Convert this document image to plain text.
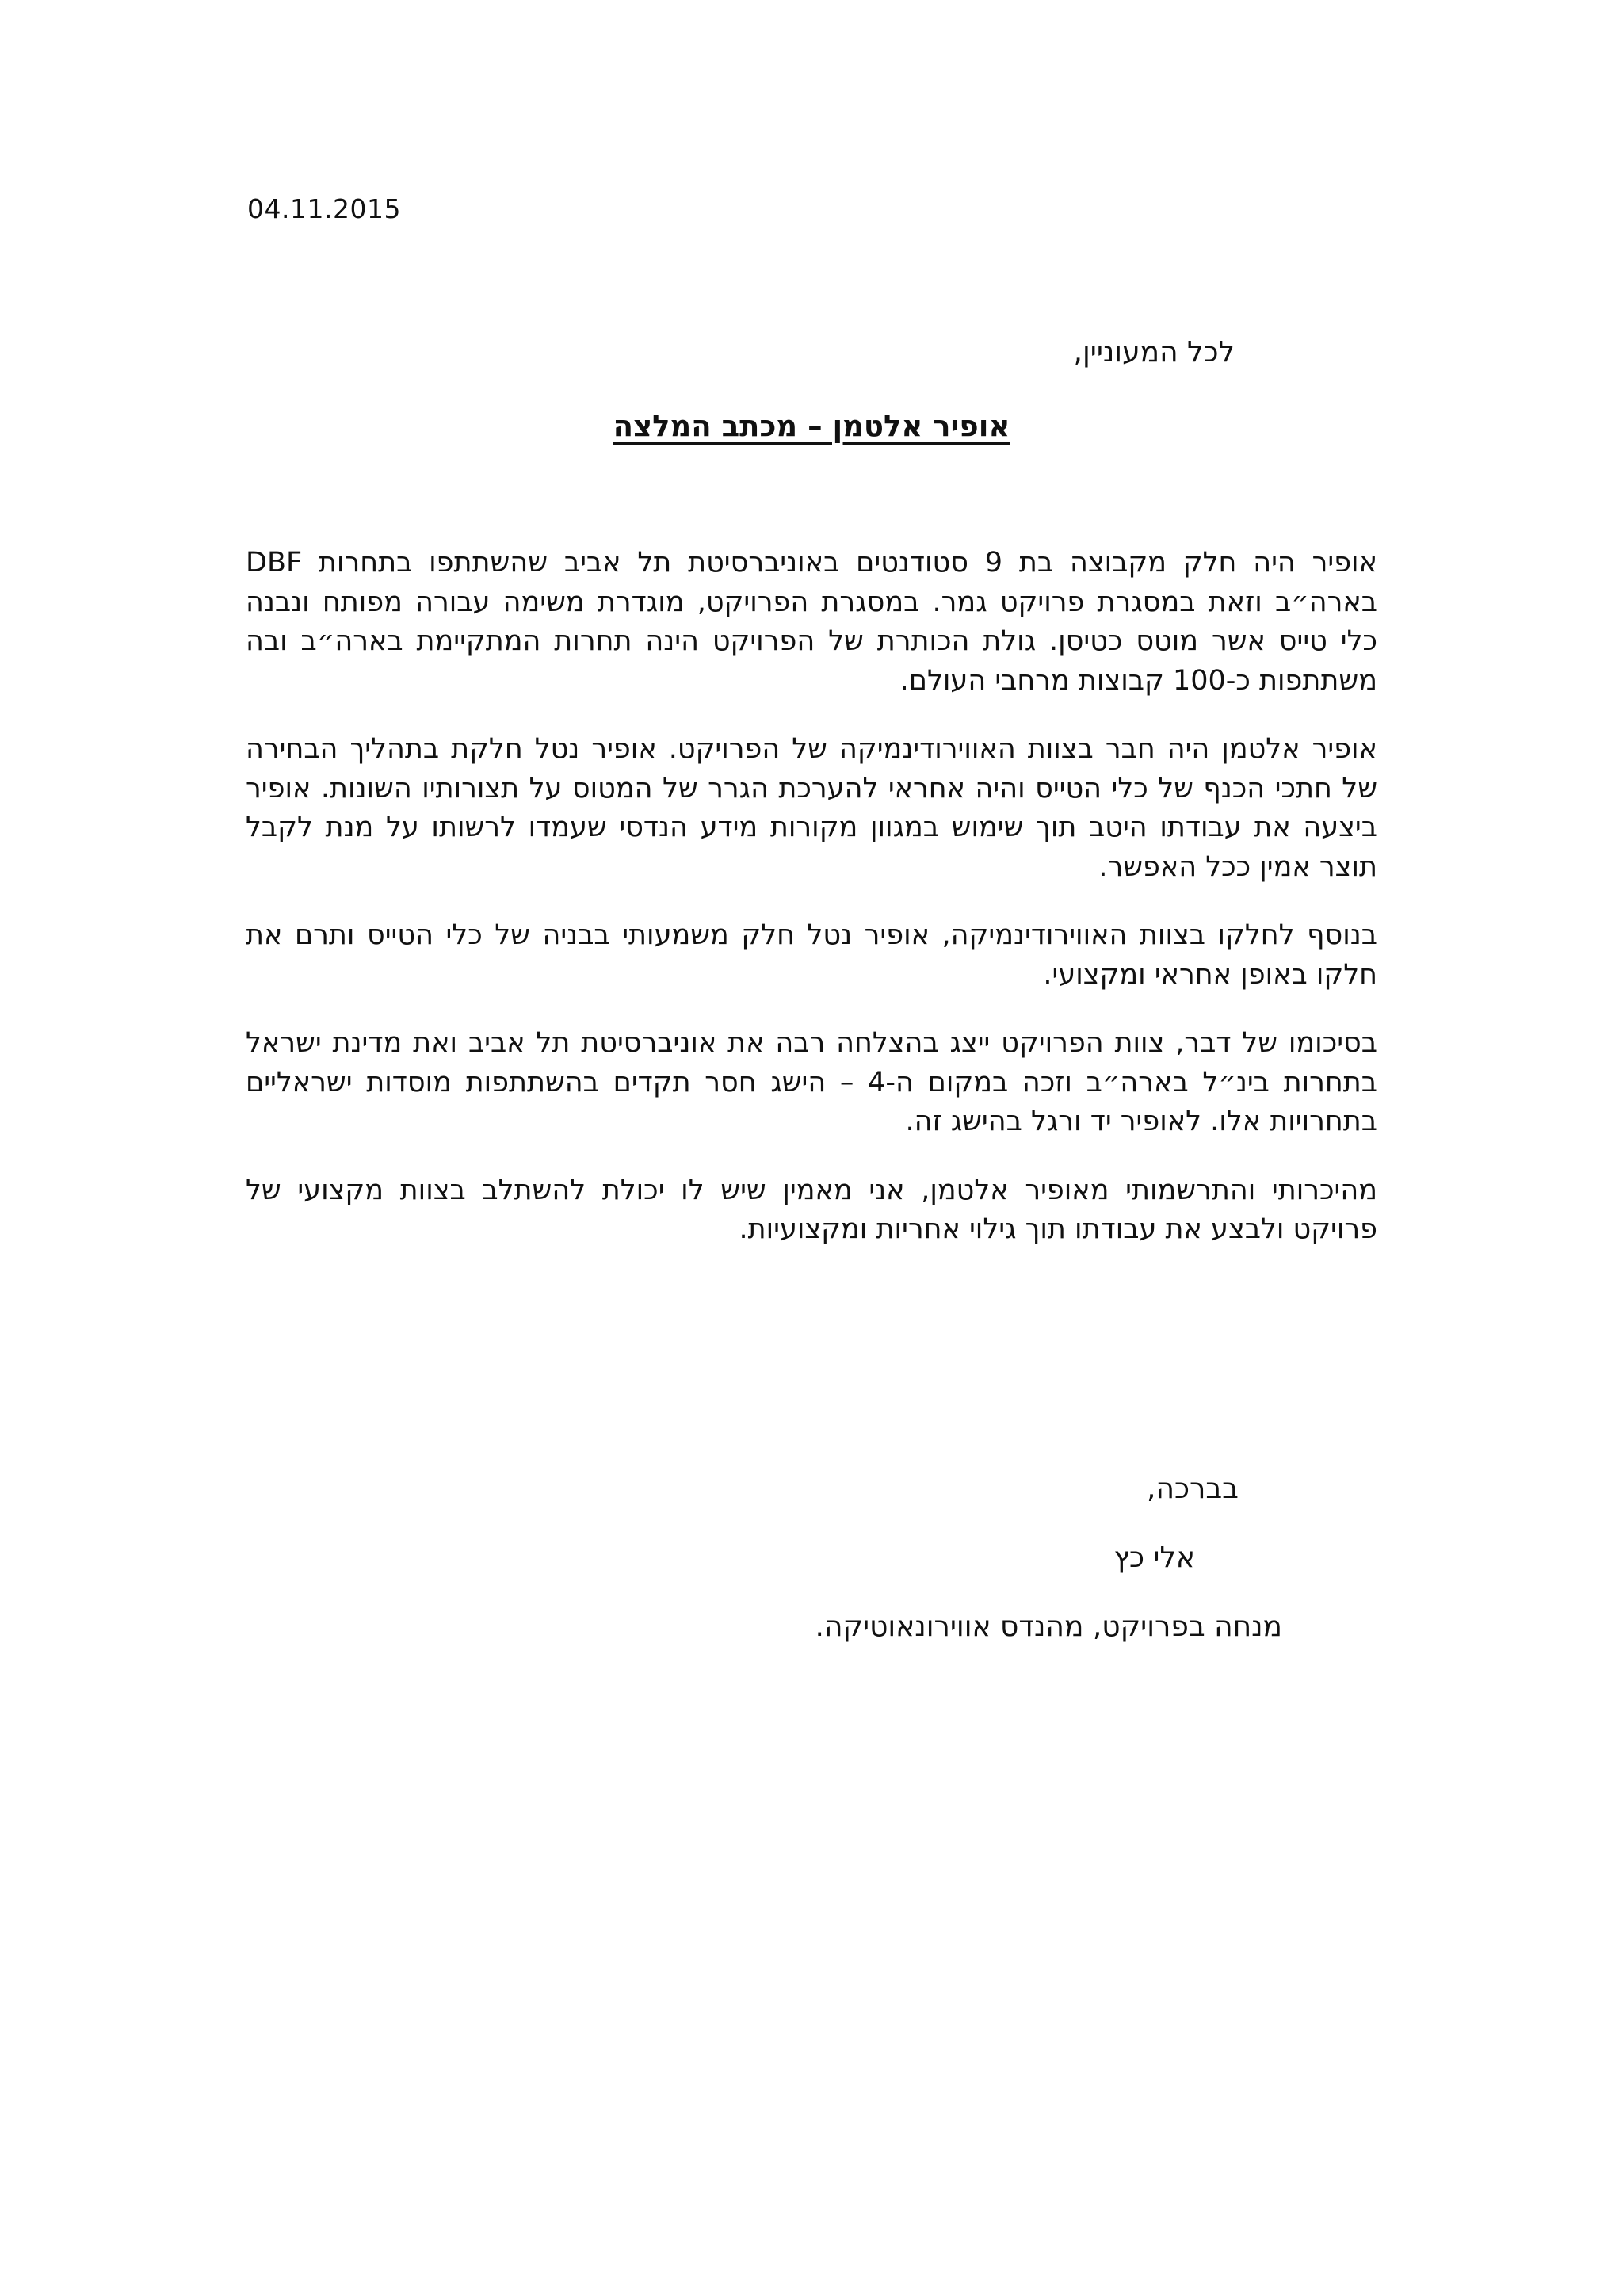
04.11.2015
לכל המעוניין,
אופיר אלטמן – מכתב המלצה

אופיר היה חלק מקבוצה בת 9 סטודנטים באוניברסיטת תל אביב שהשתתפו בתחרות DBF בארה״ב וזאת במסגרת פרויקט גמר. במסגרת הפרויקט, מוגדרת משימה עבורה מפותח ונבנה כלי טייס אשר מוטס כטיסן. גולת הכותרת של הפרויקט הינה תחרות המתקיימת בארה״ב ובה משתתפות כ-100 קבוצות מרחבי העולם.

אופיר אלטמן היה חבר בצוות האווירודינמיקה של הפרויקט. אופיר נטל חלקת בתהליך הבחירה של חתכי הכנף של כלי הטייס והיה אחראי להערכת הגרר של המטוס על תצורותיו השונות. אופיר ביצעה את עבודתו היטב תוך שימוש במגוון מקורות מידע הנדסי שעמדו לרשותו על מנת לקבל תוצר אמין ככל האפשר.

בנוסף לחלקו בצוות האווירודינמיקה, אופיר נטל חלק משמעותי בבניה של כלי הטייס ותרם את חלקו באופן אחראי ומקצועי.

בסיכומו של דבר, צוות הפרויקט ייצג בהצלחה רבה את אוניברסיטת תל אביב ואת מדינת ישראל בתחרות בינ״ל בארה״ב וזכה במקום ה-4 – הישג חסר תקדים בהשתתפות מוסדות ישראליים בתחרויות אלו. לאופיר יד ורגל בהישג זה.

מהיכרותי והתרשמותי מאופיר אלטמן, אני מאמין שיש לו יכולת להשתלב בצוות מקצועי של פרויקט ולבצע את עבודתו תוך גילוי אחריות ומקצועיות.

בברכה,
אלי כץ
מנחה בפרויקט, מהנדס אווירונאוטיקה.
